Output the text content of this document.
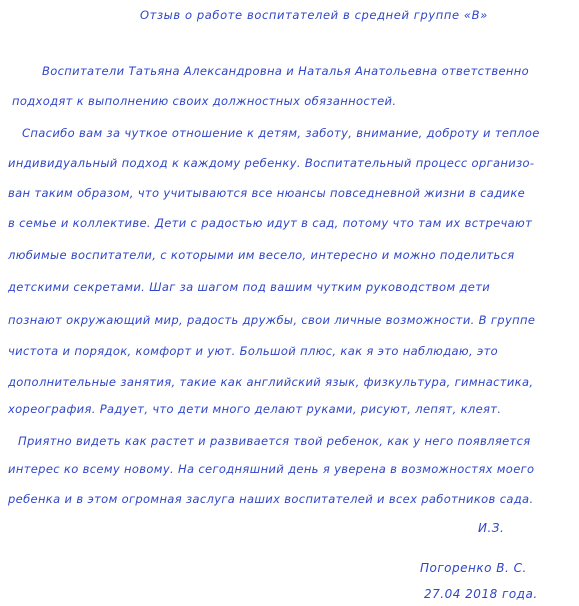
Отзыв о работе воспитателей в средней группе «В»
Воспитатели Татьяна Александровна и Наталья Анатольевна ответственно
подходят к выполнению своих должностных обязанностей.
Спасибо вам за чуткое отношение к детям, заботу, внимание, доброту и теплое
индивидуальный подход к каждому ребенку. Воспитательный процесс организо-
ван таким образом, что учитываются все нюансы повседневной жизни в садике
в семье и коллективе. Дети с радостью идут в сад, потому что там их встречают
любимые воспитатели, с которыми им весело, интересно и можно поделиться
детскими секретами. Шаг за шагом под вашим чутким руководством дети
познают окружающий мир, радость дружбы, свои личные возможности. В группе
чистота и порядок, комфорт и уют. Большой плюс, как я это наблюдаю, это
дополнительные занятия, такие как английский язык, физкультура, гимнастика,
хореография. Радует, что дети много делают руками, рисуют, лепят, клеят.
Приятно видеть как растет и развивается твой ребенок, как у него появляется
интерес ко всему новому. На сегодняшний день я уверена в возможностях моего
ребенка и в этом огромная заслуга наших воспитателей и всех работников сада.
И.З.
Погоренко В. С.
27.04 2018 года.
